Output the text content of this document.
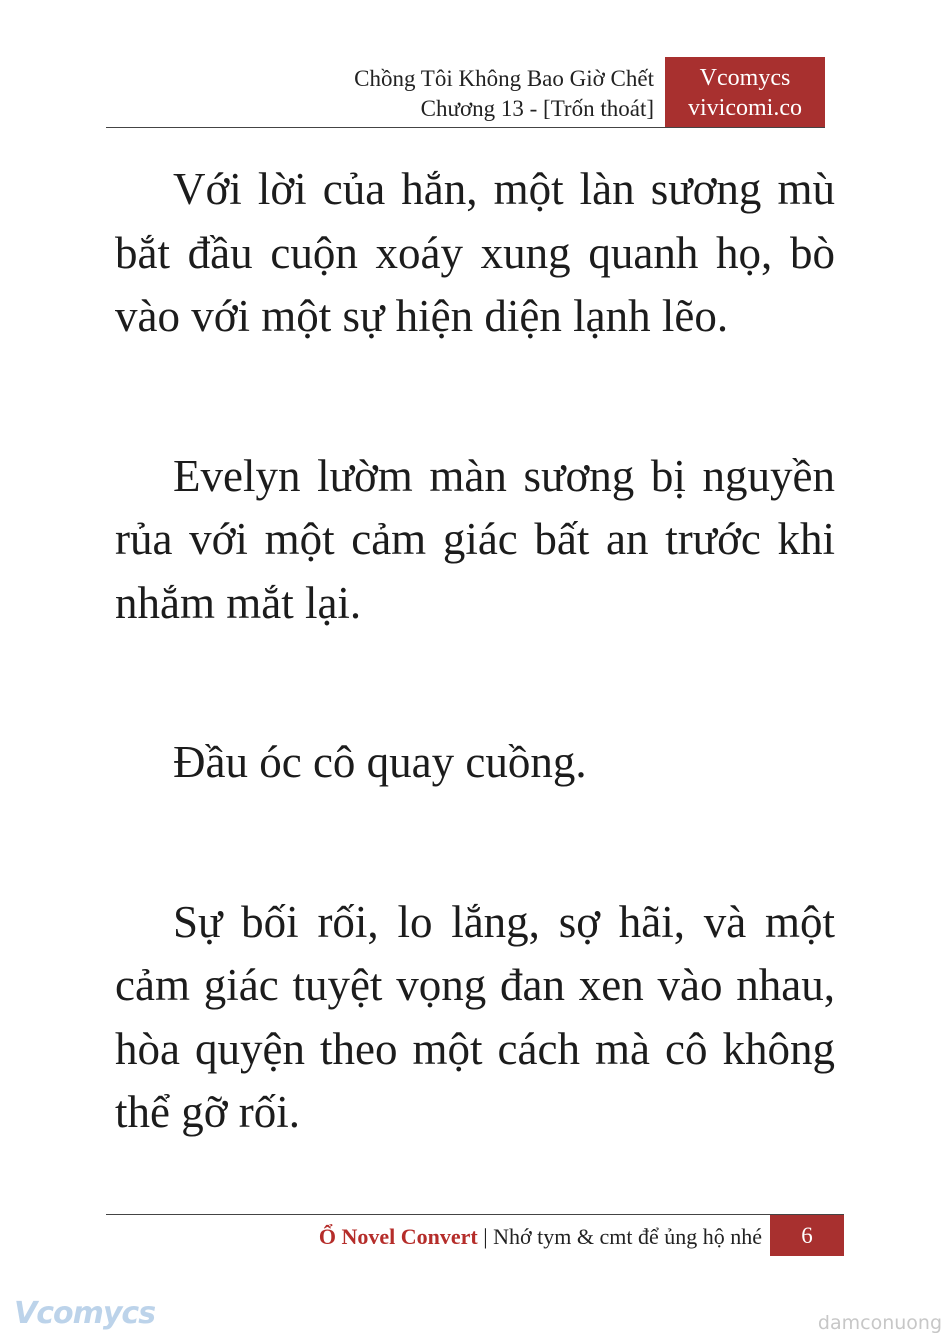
Chồng Tôi Không Bao Giờ Chết
Chương 13 - [Trốn thoát]
Vcomycs
vivicomi.co

Với lời của hắn, một làn sương mù bắt đầu cuộn xoáy xung quanh họ, bò vào với một sự hiện diện lạnh lẽo.

Evelyn lườm màn sương bị nguyền rủa với một cảm giác bất an trước khi nhắm mắt lại.

Đầu óc cô quay cuồng.

Sự bối rối, lo lắng, sợ hãi, và một cảm giác tuyệt vọng đan xen vào nhau, hòa quyện theo một cách mà cô không thể gỡ rối.

Ổ Novel Convert | Nhớ tym & cmt để ủng hộ nhé	6
Vcomycs	damconuong
